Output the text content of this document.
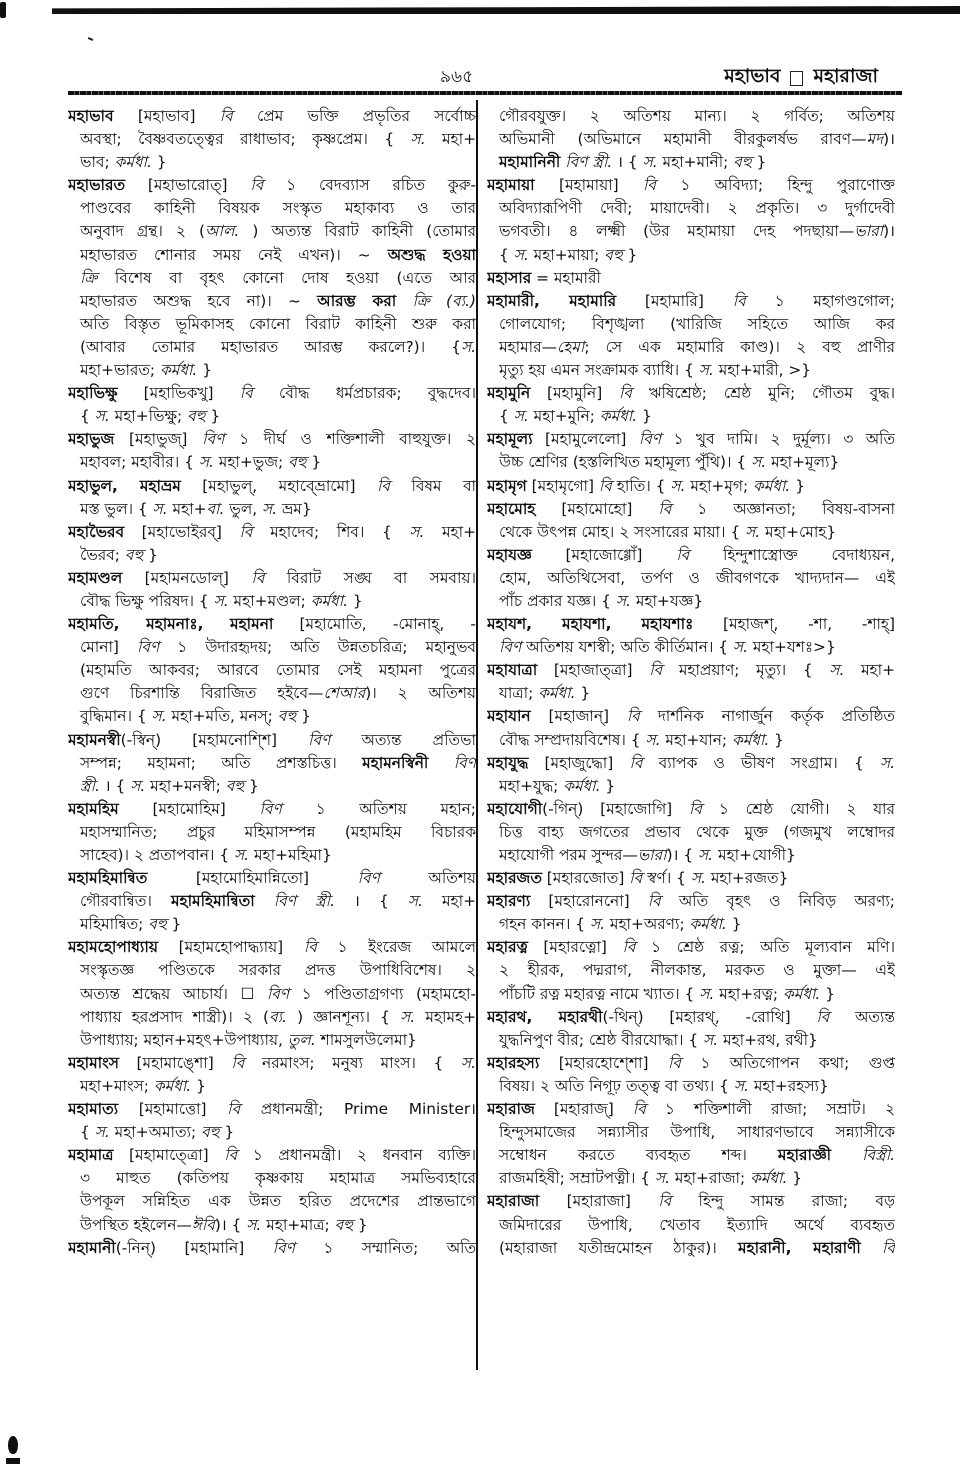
৯৬৫	মহাভাব মহারাজা
মহাভাব [মহাভাব] বি প্রেম ভক্তি প্রভৃতির সর্বোচ্চ
অবস্থা; বৈষ্ণবতত্ত্বের রাধাভাব; কৃষ্ণপ্রেম। { স. মহা+
ভাব; কর্মধা. }
মহাভারত [মহাভারোত্] বি ১ বেদব্যাস রচিত কুরু-
পাণ্ডবের কাহিনী বিষয়ক সংস্কৃত মহাকাব্য ও তার
অনুবাদ গ্রন্থ। ২ (আল. ) অত্যন্ত বিরাট কাহিনী (তোমার
মহাভারত শোনার সময় নেই এখন)। ~ অশুদ্ধ হওয়া
ক্রি বিশেষ বা বৃহৎ কোনো দোষ হওয়া (এতে আর
মহাভারত অশুদ্ধ হবে না)। ~ আরম্ভ করা ক্রি (ব্য.)
অতি বিস্তৃত ভূমিকাসহ কোনো বিরাট কাহিনী শুরু করা
(আবার তোমার মহাভারত আরম্ভ করলে?)। {স.
মহা+ভারত; কর্মধা. }
মহাভিক্ষু [মহাভিকখু] বি বৌদ্ধ ধর্মপ্রচারক; বুদ্ধদেব।
{ স. মহা+ভিক্ষু; বহু }
মহাভুজ [মহাভুজ্] বিণ ১ দীর্ঘ ও শক্তিশালী বাহুযুক্ত। ২
মহাবল; মহাবীর। { স. মহা+ভুজ; বহু }
মহাভুল, মহাভ্রম [মহাভুল্, মহাব্ভ্রোমো] বি বিষম বা
মস্ত ভুল। { স. মহা+বা. ভুল, স. ভ্রম}
মহাভৈরব [মহাভোইরব্] বি মহাদেব; শিব। { স. মহা+
ভৈরব; বহু }
মহামণ্ডল [মহামনডোল্] বি বিরাট সঙ্ঘ বা সমবায়।
বৌদ্ধ ভিক্ষু পরিষদ। { স. মহা+মণ্ডল; কর্মধা. }
মহামতি, মহামনাঃ, মহামনা [মহামোতি, -মোনাহ্, -
মোনা] বিণ ১ উদারহৃদয়; অতি উন্নতচরিত্র; মহানুভব
(মহামতি আকবর; আরবে তোমার সেই মহামনা পুত্রের
গুণে চিরশান্তি বিরাজিত হইবে—শেআর)। ২ অতিশয়
বুদ্ধিমান। { স. মহা+মতি, মনস্; বহু }
মহামনস্বী(-স্বিন্) [মহামনোশ্শি] বিণ অত্যন্ত প্রতিভা
সম্পন্ন; মহামনা; অতি প্রশস্তচিত্ত। মহামনস্বিনী বিণ
স্ত্রী. । { স. মহা+মনস্বী; বহু }
মহামহিম [মহামোহিম] বিণ ১ অতিশয় মহান;
মহাসম্মানিত; প্রচুর মহিমাসম্পন্ন (মহামহিম বিচারক
সাহেব)। ২ প্রতাপবান। { স. মহা+মহিমা}
মহামহিমান্বিত [মহামোহিমান্নিতো] বিণ অতিশয়
গৌরবান্বিত। মহামহিমান্বিতা বিণ স্ত্রী. । { স. মহা+
মহিমান্বিত; বহু }
মহামহোপাধ্যায় [মহামহোপাদ্ধ্যায়] বি ১ ইংরেজ আমলে
সংস্কৃতজ্ঞ পণ্ডিতকে সরকার প্রদত্ত উপাধিবিশেষ। ২
অত্যন্ত শ্রদ্ধেয় আচার্য। ☐ বিণ ১ পণ্ডিতাগ্রগণ্য (মহামহো-
পাধ্যায় হরপ্রসাদ শাস্ত্রী)। ২ (ব্য. ) জ্ঞানশূন্য। { স. মহামহ+
উপাধ্যায়; মহান+মহৎ+উপাধ্যায়, তুল. শামসুলউলেমা}
মহামাংস [মহামাঙ্শো] বি নরমাংস; মনুষ্য মাংস। { স.
মহা+মাংস; কর্মধা. }
মহামাত্য [মহামাত্তো] বি প্রধানমন্ত্রী; Prime Minister।
{ স. মহা+অমাত্য; বহু }
মহামাত্র [মহামাত্ত্রো] বি ১ প্রধানমন্ত্রী। ২ ধনবান ব্যক্তি।
৩ মাহুত (কতিপয় কৃষ্ণকায় মহামাত্র সমভিব্যহারে
উপকূল সন্নিহিত এক উন্নত হরিত প্রদেশের প্রান্তভাগে
উপস্থিত হইলেন—ঈবি)। { স. মহা+মাত্র; বহু }
মহামানী(-নিন্) [মহামানি] বিণ ১ সম্মানিত; অতি
গৌরবযুক্ত। ২ অতিশয় মান্য। ২ গর্বিত; অতিশয়
অভিমানী (অভিমানে মহামানী বীরকুলর্ষভ রাবণ—মদ)।
মহামানিনী বিণ স্ত্রী. । { স. মহা+মানী; বহু }
মহামায়া [মহামায়া] বি ১ অবিদ্যা; হিন্দু পুরাণোক্ত
অবিদ্যারূপিণী দেবী; মায়াদেবী। ২ প্রকৃতি। ৩ দুর্গাদেবী
ভগবতী। ৪ লক্ষ্মী (উর মহামায়া দেহ পদছায়া—ভারা)।
{ স. মহা+মায়া; বহু }
মহাসার = মহামারী
মহামারী, মহামারি [মহামারি] বি ১ মহাগণ্ডগোল;
গোলযোগ; বিশৃঙ্খলা (খারিজি সহিতে আজি কর
মহামার—হেমা; সে এক মহামারি কাণ্ড)। ২ বহু প্রাণীর
মৃত্যু হয় এমন সংক্রামক ব্যাধি। { স. মহা+মারী, >}
মহামুনি [মহামুনি] বি ঋষিশ্রেষ্ঠ; শ্রেষ্ঠ মুনি; গৌতম বুদ্ধ।
{ স. মহা+মুনি; কর্মধা. }
মহামূল্য [মহামুলেলো] বিণ ১ খুব দামি। ২ দুর্মূল্য। ৩ অতি
উচ্চ শ্রেণির (হস্তলিখিত মহামূল্য পুঁথি)। { স. মহা+মূল্য}
মহামৃগ [মহামৃগো] বি হাতি। { স. মহা+মৃগ; কর্মধা. }
মহামোহ [মহামোহো] বি ১ অজ্ঞানতা; বিষয়-বাসনা
থেকে উৎপন্ন মোহ। ২ সংসারের মায়া। { স. মহা+মোহ}
মহাযজ্ঞ [মহাজোগ্গোঁ] বি হিন্দুশাস্ত্রোক্ত বেদাধ্যয়ন,
হোম, অতিথিসেবা, তর্পণ ও জীবগণকে খাদ্যদান— এই
পাঁচ প্রকার যজ্ঞ। { স. মহা+যজ্ঞ}
মহাযশ, মহাযশা, মহাযশাঃ [মহাজশ্, -শা, -শাহ্]
বিণ অতিশয় যশস্বী; অতি কীর্তিমান। { স. মহা+যশঃ>}
মহাযাত্রা [মহাজাত্ত্রা] বি মহাপ্রয়াণ; মৃত্যু। { স. মহা+
যাত্রা; কর্মধা. }
মহাযান [মহাজান্] বি দার্শনিক নাগার্জুন কর্তৃক প্রতিষ্ঠিত
বৌদ্ধ সম্প্রদায়বিশেষ। { স. মহা+যান; কর্মধা. }
মহাযুদ্ধ [মহাজুদ্ধো] বি ব্যাপক ও ভীষণ সংগ্রাম। { স.
মহা+যুদ্ধ; কর্মধা. }
মহাযোগী(-গিন্) [মহাজোগি] বি ১ শ্রেষ্ঠ যোগী। ২ যার
চিত্ত বাহ্য জগতের প্রভাব থেকে মুক্ত (গজমুখ লম্বোদর
মহাযোগী পরম সুন্দর—ভারা)। { স. মহা+যোগী}
মহারজত [মহারজোত] বি স্বর্ণ। { স. মহা+রজত}
মহারণ্য [মহারোননো] বি অতি বৃহৎ ও নিবিড় অরণ্য;
গহন কানন। { স. মহা+অরণ্য; কর্মধা. }
মহারত্ন [মহারত্নো] বি ১ শ্রেষ্ঠ রত্ন; অতি মূল্যবান মণি।
২ হীরক, পদ্মরাগ, নীলকান্ত, মরকত ও মুক্তা— এই
পাঁচটি রত্ন মহারত্ন নামে খ্যাত। { স. মহা+রত্ন; কর্মধা. }
মহারথ, মহারথী(-থিন্) [মহারথ্, -রোথি] বি অত্যন্ত
যুদ্ধনিপুণ বীর; শ্রেষ্ঠ বীরযোদ্ধা। { স. মহা+রথ, রথী}
মহারহস্য [মহারহোশ্শো] বি ১ অতিগোপন কথা; গুপ্ত
বিষয়। ২ অতি নিগূঢ় তত্ত্ব বা তথ্য। { স. মহা+রহস্য}
মহারাজ [মহারাজ্] বি ১ শক্তিশালী রাজা; সম্রাট। ২
হিন্দুসমাজের সন্ন্যাসীর উপাধি, সাধারণভাবে সন্ন্যাসীকে
সম্বোধন করতে ব্যবহৃত শব্দ। মহারাজ্ঞী বিস্ত্রী.
রাজমহিষী; সম্রাটপত্নী। { স. মহা+রাজা; কর্মধা. }
মহারাজা [মহারাজা] বি হিন্দু সামন্ত রাজা; বড়
জমিদারের উপাধি, খেতাব ইত্যাদি অর্থে ব্যবহৃত
(মহারাজা যতীন্দ্রমোহন ঠাকুর)। মহারানী, মহারাণী বি
